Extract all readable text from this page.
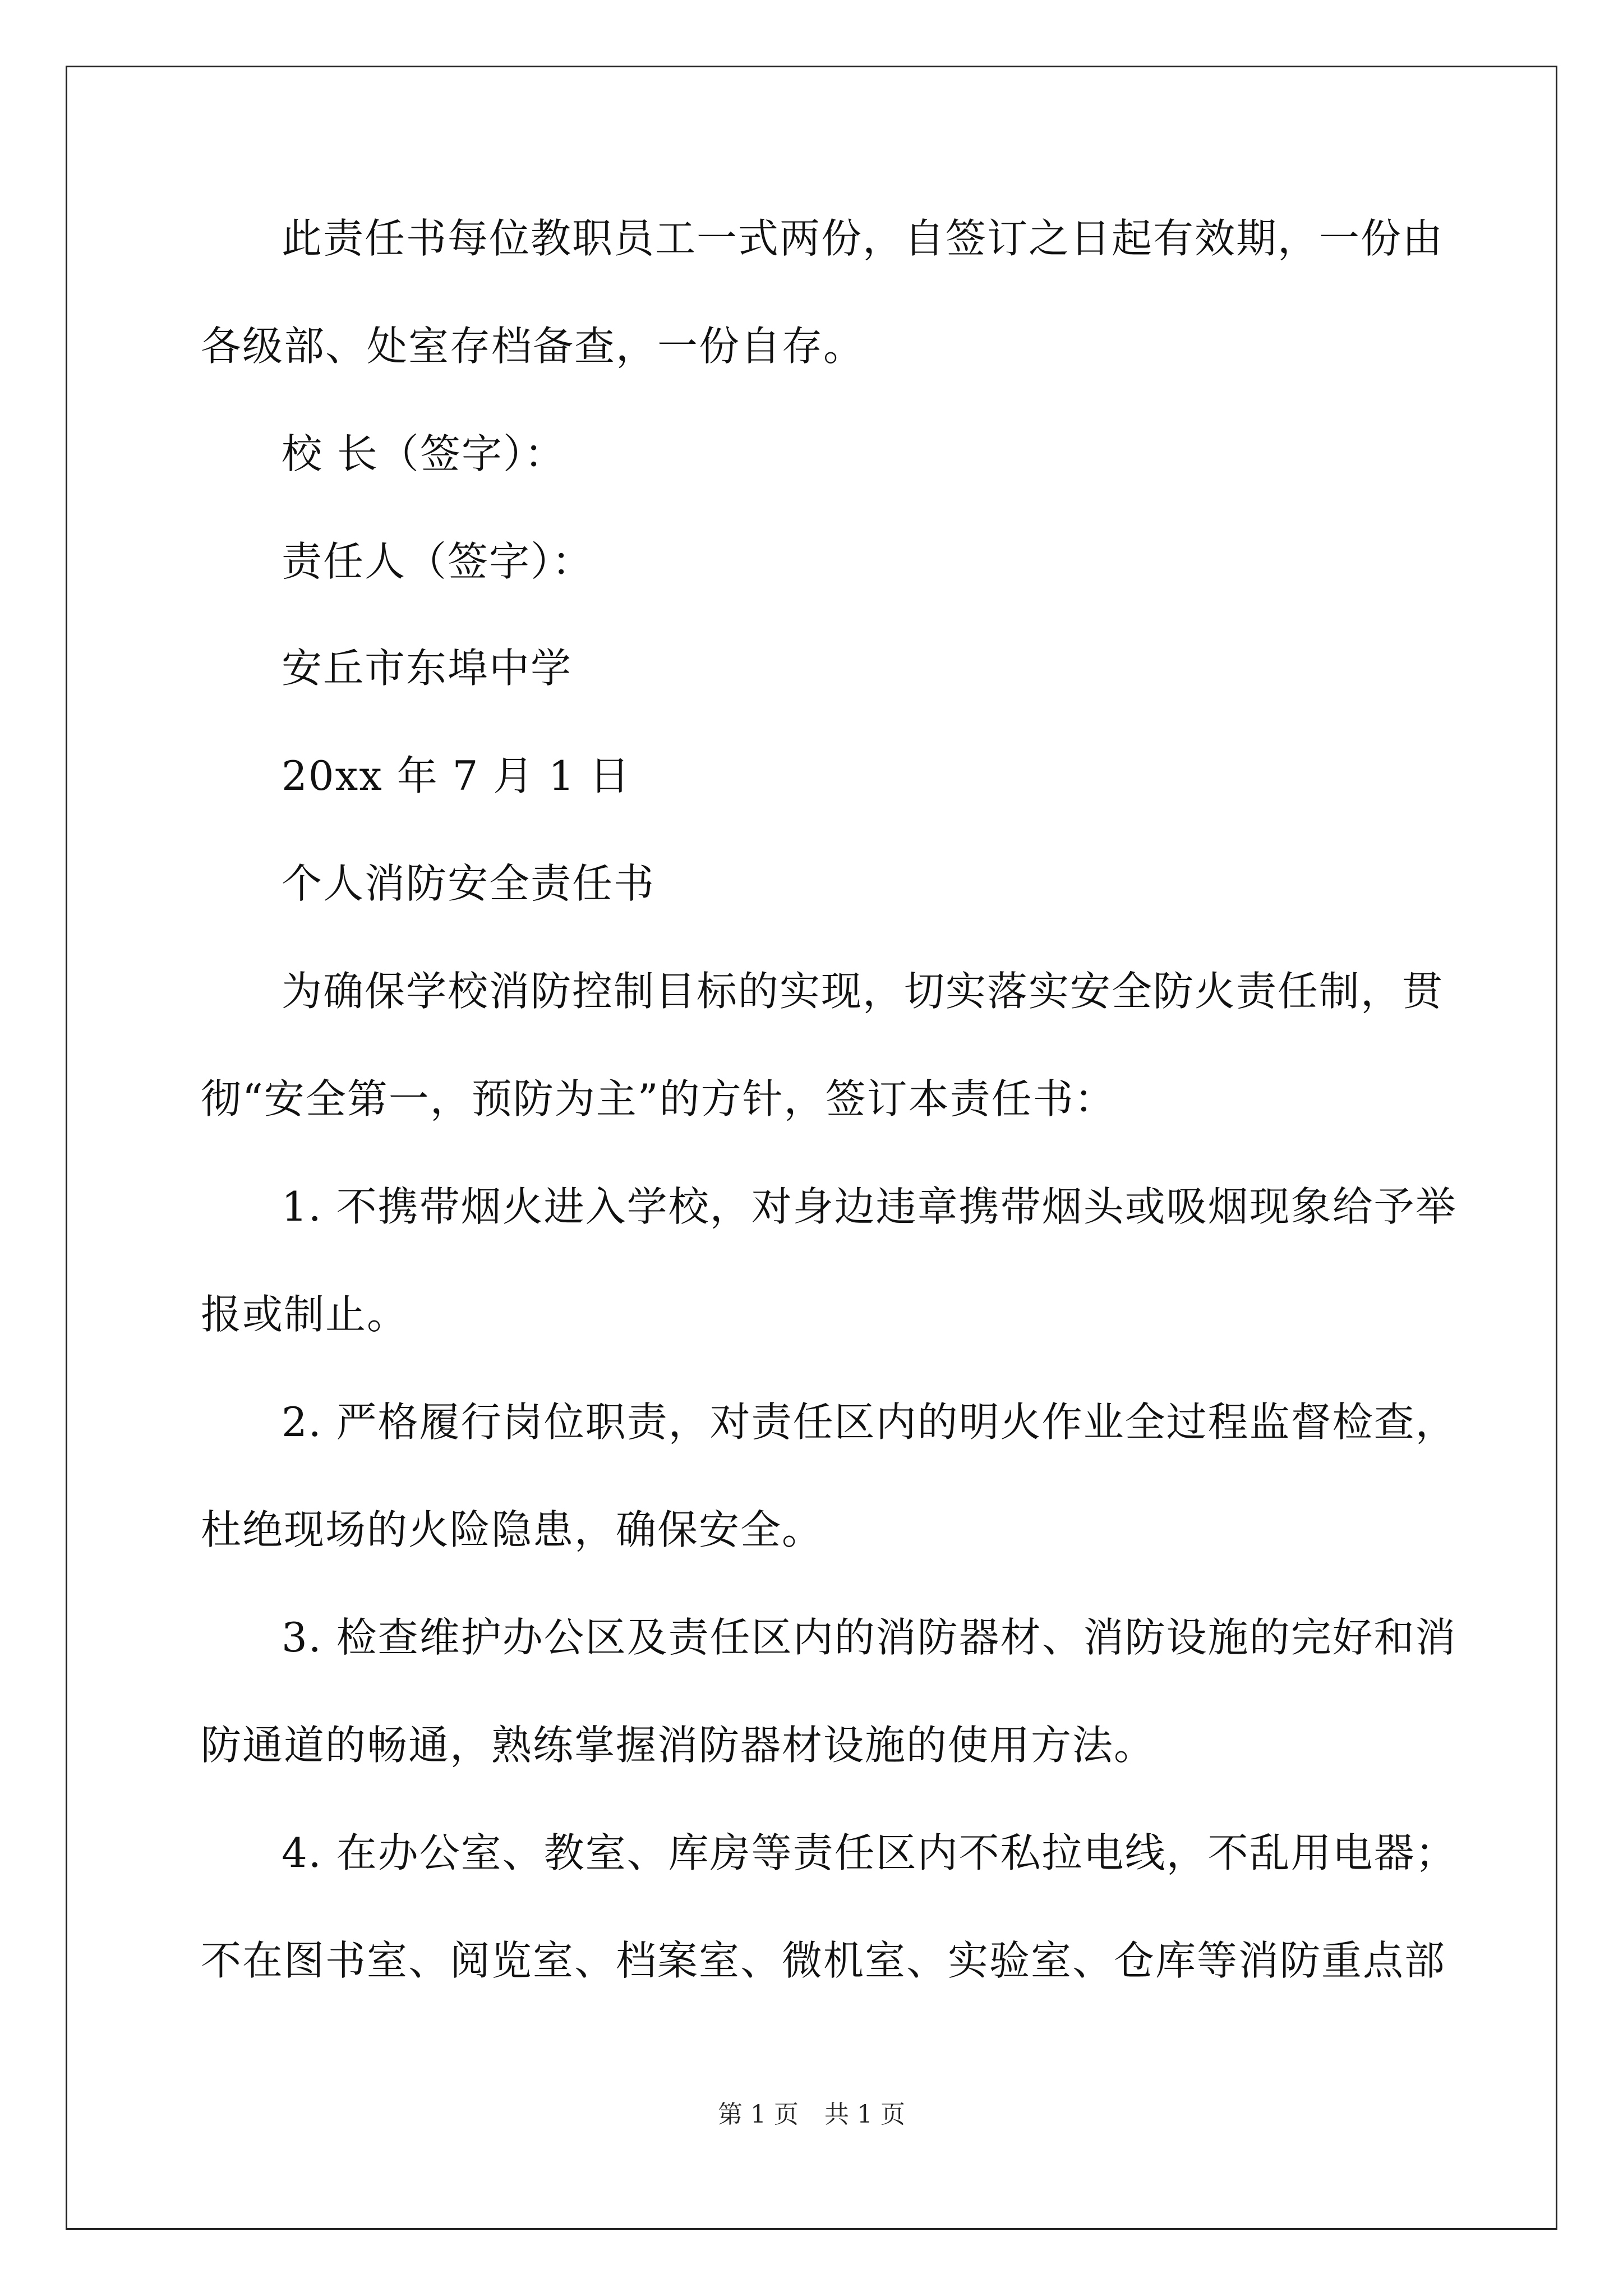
此责任书每位教职员工一式两份，自签订之日起有效期，一份由

各级部、处室存档备查，一份自存。

校 长（签字）：

责任人（签字）：

安丘市东埠中学

20xx 年 7 月 1 日

个人消防安全责任书

为确保学校消防控制目标的实现，切实落实安全防火责任制，贯

彻“安全第一，预防为主”的方针，签订本责任书：

1. 不携带烟火进入学校，对身边违章携带烟头或吸烟现象给予举

报或制止。

2. 严格履行岗位职责，对责任区内的明火作业全过程监督检查，

杜绝现场的火险隐患，确保安全。

3. 检查维护办公区及责任区内的消防器材、消防设施的完好和消

防通道的畅通，熟练掌握消防器材设施的使用方法。

4. 在办公室、教室、库房等责任区内不私拉电线，不乱用电器；

不在图书室、阅览室、档案室、微机室、实验室、仓库等消防重点部

第 1 页 共 1 页
